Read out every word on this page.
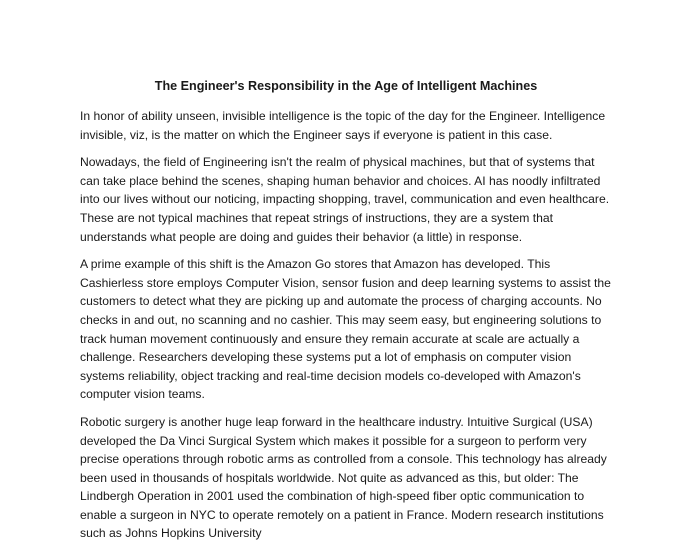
The Engineer's Responsibility in the Age of Intelligent Machines

In honor of ability unseen, invisible intelligence is the topic of the day for the Engineer. Intelligence invisible, viz, is the matter on which the Engineer says if everyone is patient in this case.

Nowadays, the field of Engineering isn't the realm of physical machines, but that of systems that can take place behind the scenes, shaping human behavior and choices. AI has noodly infiltrated into our lives without our noticing, impacting shopping, travel, communication and even healthcare. These are not typical machines that repeat strings of instructions, they are a system that understands what people are doing and guides their behavior (a little) in response.

A prime example of this shift is the Amazon Go stores that Amazon has developed. This Cashierless store employs Computer Vision, sensor fusion and deep learning systems to assist the customers to detect what they are picking up and automate the process of charging accounts. No checks in and out, no scanning and no cashier. This may seem easy, but engineering solutions to track human movement continuously and ensure they remain accurate at scale are actually a challenge. Researchers developing these systems put a lot of emphasis on computer vision systems reliability, object tracking and real-time decision models co-developed with Amazon's computer vision teams.

Robotic surgery is another huge leap forward in the healthcare industry. Intuitive Surgical (USA) developed the Da Vinci Surgical System which makes it possible for a surgeon to perform very precise operations through robotic arms as controlled from a console. This technology has already been used in thousands of hospitals worldwide. Not quite as advanced as this, but older: The Lindbergh Operation in 2001 used the combination of high-speed fiber optic communication to enable a surgeon in NYC to operate remotely on a patient in France. Modern research institutions such as Johns Hopkins University
